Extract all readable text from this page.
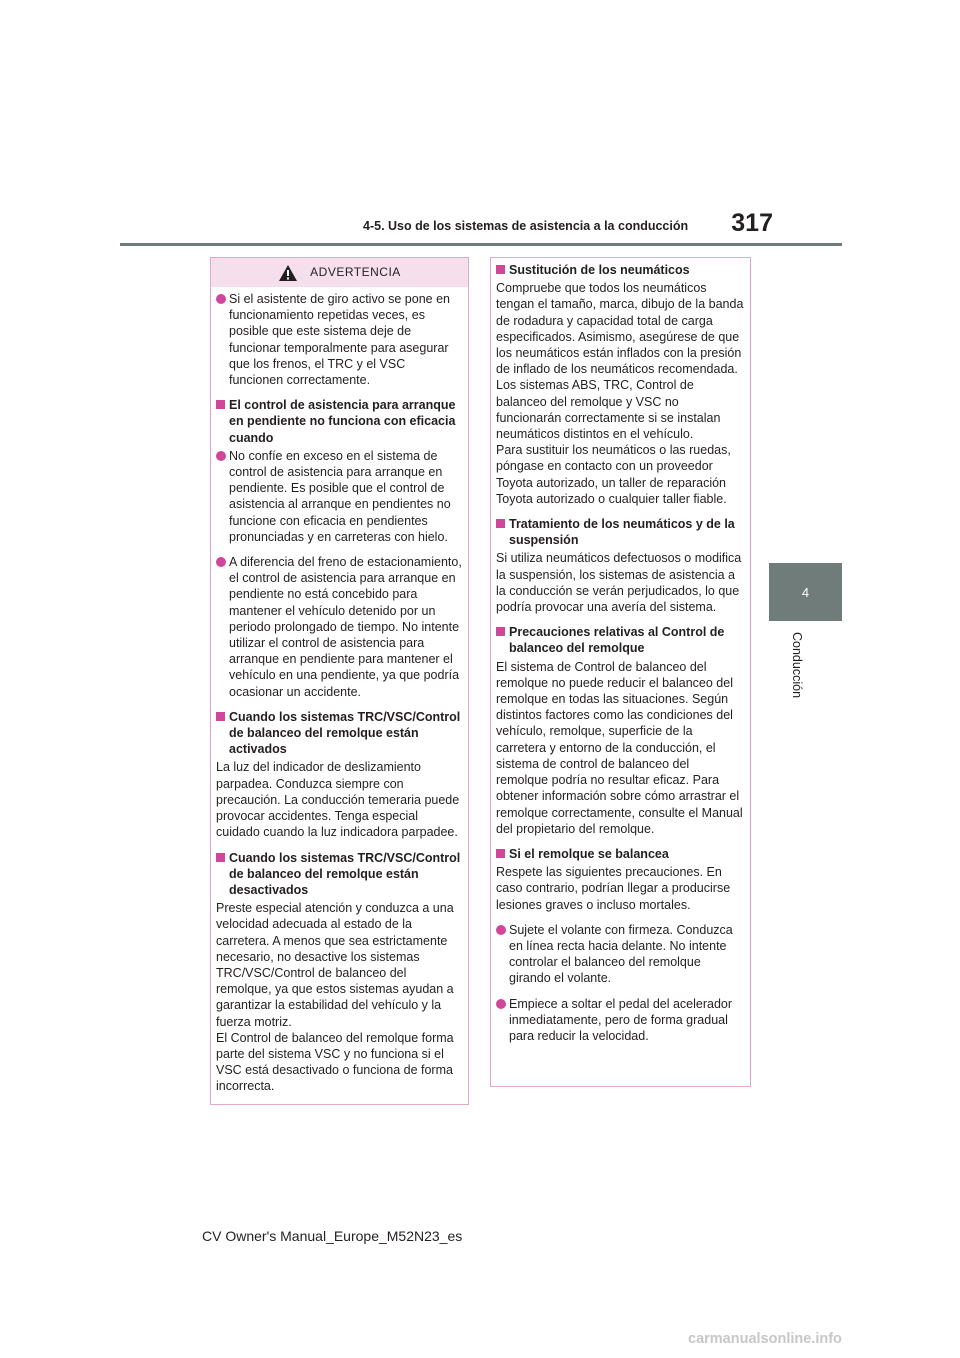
4-5. Uso de los sistemas de asistencia a la conducción	317
4
Conducción
ADVERTENCIA
Si el asistente de giro activo se pone en funcionamiento repetidas veces, es posible que este sistema deje de funcionar temporalmente para asegurar que los frenos, el TRC y el VSC funcionen correctamente.
El control de asistencia para arranque en pendiente no funciona con eficacia cuando
No confíe en exceso en el sistema de control de asistencia para arranque en pendiente. Es posible que el control de asistencia al arranque en pendientes no funcione con eficacia en pendientes pronunciadas y en carreteras con hielo.
A diferencia del freno de estacionamiento, el control de asistencia para arranque en pendiente no está concebido para mantener el vehículo detenido por un periodo prolongado de tiempo. No intente utilizar el control de asistencia para arranque en pendiente para mantener el vehículo en una pendiente, ya que podría ocasionar un accidente.
Cuando los sistemas TRC/VSC/Control de balanceo del remolque están activados
La luz del indicador de deslizamiento parpadea. Conduzca siempre con precaución. La conducción temeraria puede provocar accidentes. Tenga especial cuidado cuando la luz indicadora parpadee.
Cuando los sistemas TRC/VSC/Control de balanceo del remolque están desactivados
Preste especial atención y conduzca a una velocidad adecuada al estado de la carretera. A menos que sea estrictamente necesario, no desactive los sistemas TRC/VSC/Control de balanceo del remolque, ya que estos sistemas ayudan a garantizar la estabilidad del vehículo y la fuerza motriz.
El Control de balanceo del remolque forma parte del sistema VSC y no funciona si el VSC está desactivado o funciona de forma incorrecta.
Sustitución de los neumáticos
Compruebe que todos los neumáticos tengan el tamaño, marca, dibujo de la banda de rodadura y capacidad total de carga especificados. Asimismo, asegúrese de que los neumáticos están inflados con la presión de inflado de los neumáticos recomendada.
Los sistemas ABS, TRC, Control de balanceo del remolque y VSC no funcionarán correctamente si se instalan neumáticos distintos en el vehículo.
Para sustituir los neumáticos o las ruedas, póngase en contacto con un proveedor Toyota autorizado, un taller de reparación Toyota autorizado o cualquier taller fiable.
Tratamiento de los neumáticos y de la suspensión
Si utiliza neumáticos defectuosos o modifica la suspensión, los sistemas de asistencia a la conducción se verán perjudicados, lo que podría provocar una avería del sistema.
Precauciones relativas al Control de balanceo del remolque
El sistema de Control de balanceo del remolque no puede reducir el balanceo del remolque en todas las situaciones. Según distintos factores como las condiciones del vehículo, remolque, superficie de la carretera y entorno de la conducción, el sistema de control de balanceo del remolque podría no resultar eficaz. Para obtener información sobre cómo arrastrar el remolque correctamente, consulte el Manual del propietario del remolque.
Si el remolque se balancea
Respete las siguientes precauciones. En caso contrario, podrían llegar a producirse lesiones graves o incluso mortales.
Sujete el volante con firmeza. Conduzca en línea recta hacia delante. No intente controlar el balanceo del remolque girando el volante.
Empiece a soltar el pedal del acelerador inmediatamente, pero de forma gradual para reducir la velocidad.
CV Owner's Manual_Europe_M52N23_es
carmanualsonline.info
